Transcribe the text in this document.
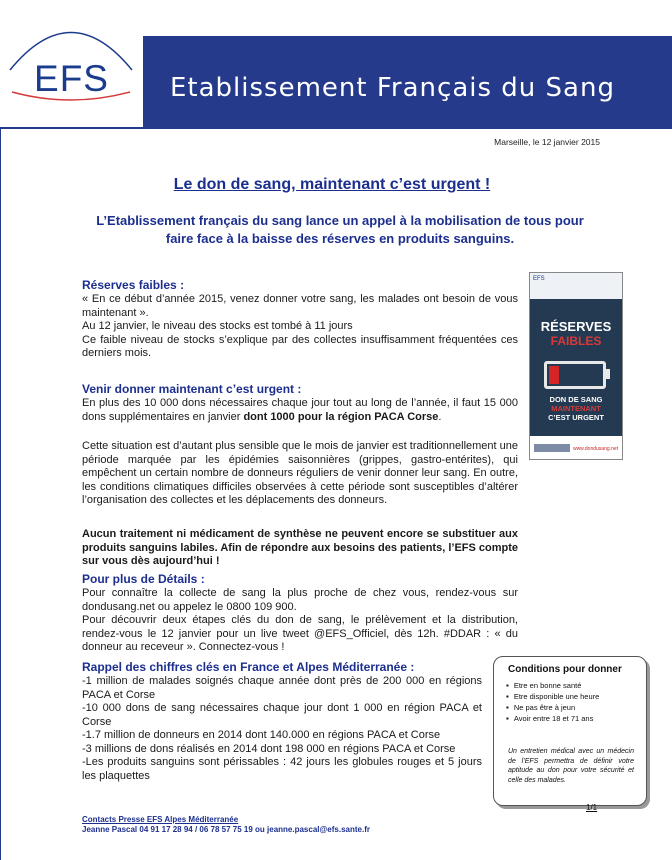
EFS	Etablissement Français du Sang
Marseille, le 12 janvier 2015
Le don de sang, maintenant c’est urgent !
L’Etablissement français du sang lance un appel à la mobilisation de tous pour faire face à la baisse des réserves en produits sanguins.
Réserves faibles :
« En ce début d’année 2015, venez donner votre sang, les malades ont besoin de vous maintenant ».
Au 12 janvier, le niveau des stocks est tombé à 11 jours
Ce faible niveau de stocks s’explique par des collectes insuffisamment fréquentées ces derniers mois.
Venir donner maintenant c’est urgent :
En plus des 10 000 dons nécessaires chaque jour tout au long de l’année, il faut 15 000 dons supplémentaires en janvier dont 1000 pour la région PACA Corse.
Cette situation est d’autant plus sensible que le mois de janvier est traditionnellement une période marquée par les épidémies saisonnières (grippes, gastro-entérites), qui empêchent un certain nombre de donneurs réguliers de venir donner leur sang. En outre, les conditions climatiques difficiles observées à cette période sont susceptibles d’altérer l’organisation des collectes et les déplacements des donneurs.
Aucun traitement ni médicament de synthèse ne peuvent encore se substituer aux produits sanguins labiles. Afin de répondre aux besoins des patients, l’EFS compte sur vous dès aujourd’hui !
Pour plus de Détails :
Pour connaître la collecte de sang la plus proche de chez vous, rendez-vous sur dondusang.net ou appelez le 0800 109 900.
Pour découvrir deux étapes clés du don de sang, le prélèvement et la distribution, rendez-vous le 12 janvier pour un live tweet @EFS_Officiel, dès 12h. #DDAR : « du donneur au receveur ». Connectez-vous !
Rappel des chiffres clés en France et Alpes Méditerranée :
-1 million de malades soignés chaque année dont près de 200 000 en régions PACA et Corse
-10 000 dons de sang nécessaires chaque jour dont 1 000 en région PACA et Corse
-1.7 million de donneurs en 2014 dont 140.000 en régions PACA et Corse
-3 millions de dons réalisés en 2014 dont 198 000 en régions PACA et Corse
-Les produits sanguins sont périssables : 42 jours les globules rouges et 5 jours les plaquettes
EFS
RÉSERVES
FAIBLES
DON DE SANG
MAINTENANT
C’EST URGENT
www.dondusang.net
Conditions pour donner
▪ Etre en bonne santé
▪ Etre disponible une heure
▪ Ne pas être à jeun
▪ Avoir entre 18 et 71 ans
Un entretien médical avec un médecin de l’EFS permettra de définir votre aptitude au don pour votre sécurité et celle des malades.
1/1
Contacts Presse EFS Alpes Méditerranée
Jeanne Pascal 04 91 17 28 94 / 06 78 57 75 19 ou jeanne.pascal@efs.sante.fr
